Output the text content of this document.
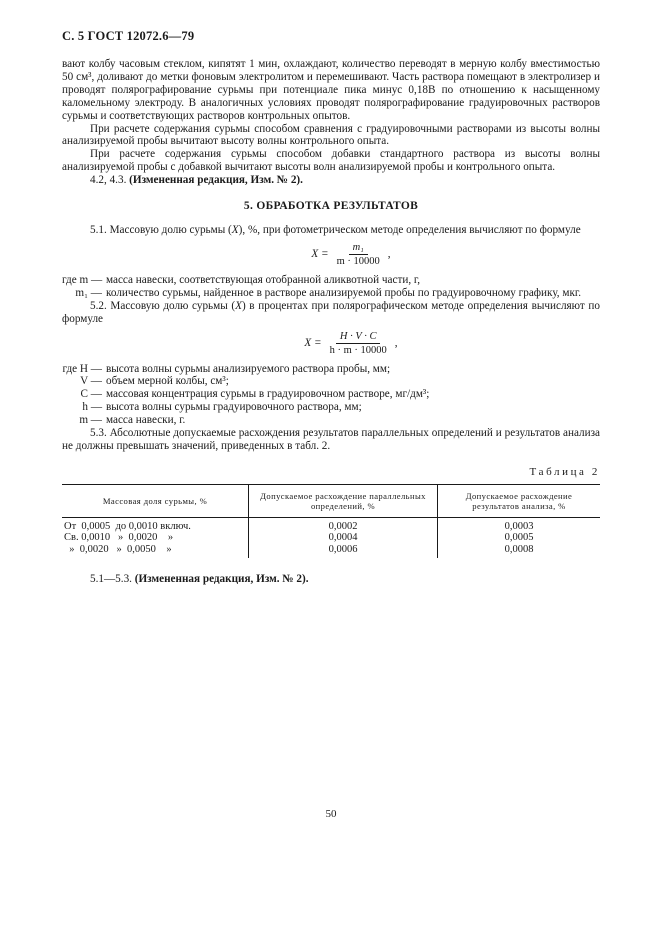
С. 5 ГОСТ 12072.6—79

вают колбу часовым стеклом, кипятят 1 мин, охлаждают, количество переводят в мерную колбу вместимостью 50 см³, доливают до метки фоновым электролитом и перемешивают. Часть раствора помещают в электролизер и проводят полярографирование сурьмы при потенциале пика минус 0,18В по отношению к насыщенному каломельному электроду. В аналогичных условиях проводят полярографирование градуировочных растворов сурьмы и соответствующих растворов контрольных опытов.

При расчете содержания сурьмы способом сравнения с градуировочными растворами из высоты волны анализируемой пробы вычитают высоту волны контрольного опыта.

При расчете содержания сурьмы способом добавки стандартного раствора из высоты волны анализируемой пробы с добавкой вычитают высоты волн анализируемой пробы и контрольного опыта.

4.2, 4.3. (Измененная редакция, Изм. № 2).

5. ОБРАБОТКА РЕЗУЛЬТАТОВ

5.1. Массовую долю сурьмы (X), %, при фотометрическом методе определения вычисляют по формуле

$X = \frac{\text{m₁}}{m \cdot 10000}$ ,
где m — масса навески, соответствующая отобранной аликвотной части, г,
m₁ — количество сурьмы, найденное в растворе анализируемой пробы по градуировочному графику, мкг.

5.2. Массовую долю сурьмы (X) в процентах при полярографическом методе определения вычисляют по формуле

$X = \frac{H \cdot V \cdot C}{h \cdot m \cdot 10000}$ ,
где H — высота волны сурьмы анализируемого раствора пробы, мм;
V — объем мерной колбы, см³;
C — массовая концентрация сурьмы в градуировочном растворе, мг/дм³;
h — высота волны сурьмы градуировочного раствора, мм;
m — масса навески, г.

5.3. Абсолютные допускаемые расхождения результатов параллельных определений и результатов анализа не должны превышать значений, приведенных в табл. 2.

Таблица 2
Массовая доля сурьмы, %	Допускаемое расхождение параллельных определений, %	Допускаемое расхождение результатов анализа, %
От  0,0005  до 0,0010 включ.	0,0002	0,0003
Св. 0,0010   »  0,0020    »	0,0004	0,0005
»  0,0020   »  0,0050    »	0,0006	0,0008

5.1—5.3. (Измененная редакция, Изм. № 2).

50
